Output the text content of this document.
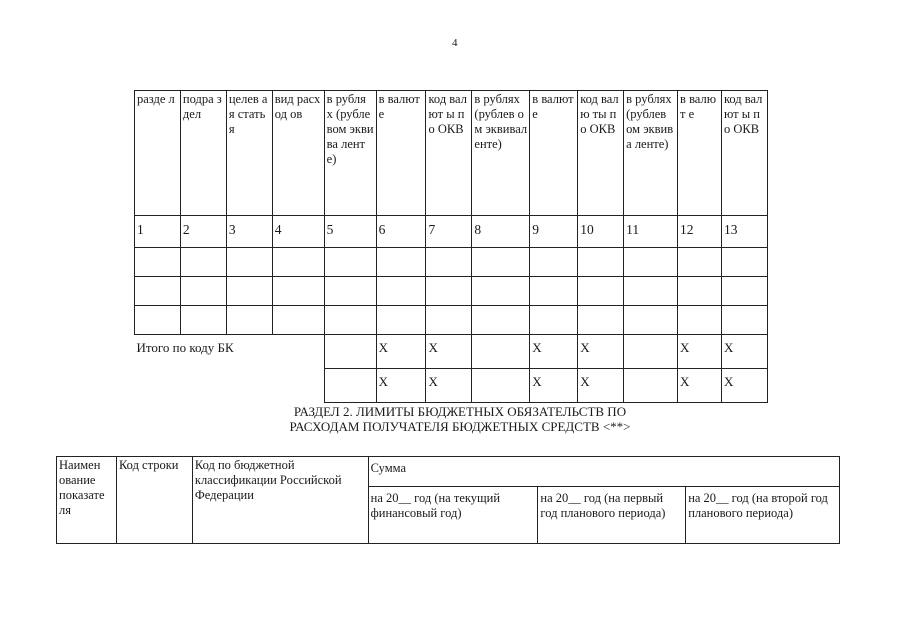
4
разде л	подра здел	целев ая статья	вид расход ов	в рубля х (рубле вом эквива ленте)	в валюте	код валют ы по ОКВ	в рублях (рублев ом эквивал енте)	в валюте	код валю ты по ОКВ	в рублях (рублев ом эквива ленте)	в валют е	код валют ы по ОКВ
1	2	3	4	5	6	7	8	9	10	11	12	13

Итого по коду БК					Х	Х		Х	Х		Х	Х
					Х	Х		Х	Х		Х	Х
РАЗДЕЛ 2. ЛИМИТЫ БЮДЖЕТНЫХ ОБЯЗАТЕЛЬСТВ ПО
РАСХОДАМ ПОЛУЧАТЕЛЯ БЮДЖЕТНЫХ СРЕДСТВ <**>
Наимен ование показате ля	Код строки	Код по бюджетной классификации Российской Федерации	Сумма		
			на 20__ год (на текущий финансовый год)	на 20__ год (на первый год планового периода)	на 20__ год (на второй год планового периода)
